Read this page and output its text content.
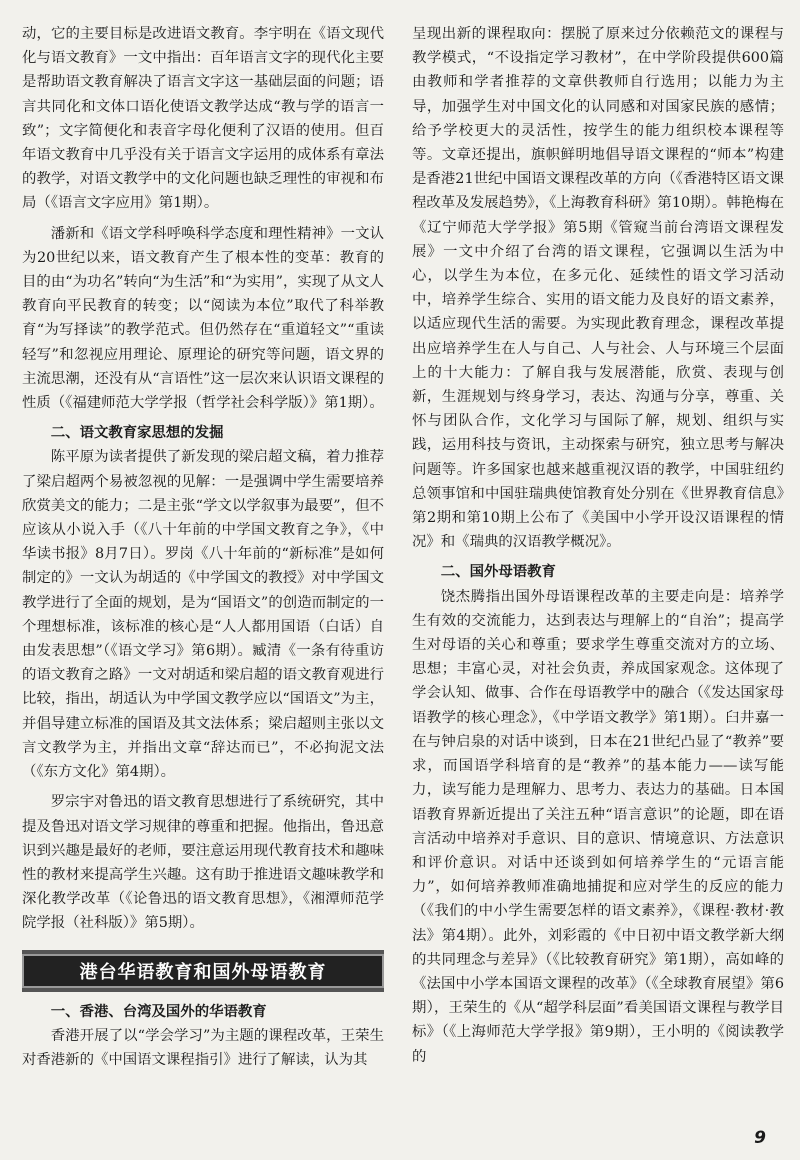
动，它的主要目标是改进语文教育。李宇明在《语文现代化与语文教育》一文中指出：百年语言文字的现代化主要是帮助语文教育解决了语言文字这一基础层面的问题；语言共同化和文体口语化使语文教学达成“教与学的语言一致”；文字简便化和表音字母化便利了汉语的使用。但百年语文教育中几乎没有关于语言文字运用的成体系有章法的教学，对语文教学中的文化问题也缺乏理性的审视和布局（《语言文字应用》第1期）。

潘新和《语文学科呼唤科学态度和理性精神》一文认为20世纪以来，语文教育产生了根本性的变革：教育的目的由“为功名”转向“为生活”和“为实用”，实现了从文人教育向平民教育的转变；以“阅读为本位”取代了科举教育“为写择读”的教学范式。但仍然存在“重道轻文”“重读轻写”和忽视应用理论、原理论的研究等问题，语文界的主流思潮，还没有从“言语性”这一层次来认识语文课程的性质（《福建师范大学学报（哲学社会科学版）》第1期）。

二、语文教育家思想的发掘

陈平原为读者提供了新发现的梁启超文稿，着力推荐了梁启超两个易被忽视的见解：一是强调中学生需要培养欣赏美文的能力；二是主张“学文以学叙事为最要”，但不应该从小说入手（《八十年前的中学国文教育之争》，《中华读书报》8月7日）。罗岗《八十年前的“新标准”是如何制定的》一文认为胡适的《中学国文的教授》对中学国文教学进行了全面的规划，是为“国语文”的创造而制定的一个理想标准，该标准的核心是“人人都用国语（白话）自由发表思想”（《语文学习》第6期）。臧清《一条有待重访的语文教育之路》一文对胡适和梁启超的语文教育观进行比较，指出，胡适认为中学国文教学应以“国语文”为主，并倡导建立标准的国语及其文法体系；梁启超则主张以文言文教学为主，并指出文章“辞达而已”，不必拘泥文法（《东方文化》第4期）。

罗宗宇对鲁迅的语文教育思想进行了系统研究，其中提及鲁迅对语文学习规律的尊重和把握。他指出，鲁迅意识到兴趣是最好的老师，要注意运用现代教育技术和趣味性的教材来提高学生兴趣。这有助于推进语文趣味教学和深化教学改革（《论鲁迅的语文教育思想》，《湘潭师范学院学报（社科版）》第5期）。

港台华语教育和国外母语教育

一、香港、台湾及国外的华语教育

香港开展了以“学会学习”为主题的课程改革，王荣生对香港新的《中国语文课程指引》进行了解读，认为其

呈现出新的课程取向：摆脱了原来过分依赖范文的课程与教学模式，“不设指定学习教材”，在中学阶段提供600篇由教师和学者推荐的文章供教师自行选用；以能力为主导，加强学生对中国文化的认同感和对国家民族的感情；给予学校更大的灵活性，按学生的能力组织校本课程等等。文章还提出，旗帜鲜明地倡导语文课程的“师本”构建是香港21世纪中国语文课程改革的方向（《香港特区语文课程改革及发展趋势》，《上海教育科研》第10期）。韩艳梅在《辽宁师范大学学报》第5期《管窥当前台湾语文课程发展》一文中介绍了台湾的语文课程，它强调以生活为中心，以学生为本位，在多元化、延续性的语文学习活动中，培养学生综合、实用的语文能力及良好的语文素养，以适应现代生活的需要。为实现此教育理念，课程改革提出应培养学生在人与自己、人与社会、人与环境三个层面上的十大能力：了解自我与发展潜能，欣赏、表现与创新，生涯规划与终身学习，表达、沟通与分享，尊重、关怀与团队合作，文化学习与国际了解，规划、组织与实践，运用科技与资讯，主动探索与研究，独立思考与解决问题等。许多国家也越来越重视汉语的教学，中国驻纽约总领事馆和中国驻瑞典使馆教育处分别在《世界教育信息》第2期和第10期上公布了《美国中小学开设汉语课程的情况》和《瑞典的汉语教学概况》。

二、国外母语教育

饶杰腾指出国外母语课程改革的主要走向是：培养学生有效的交流能力，达到表达与理解上的“自治”；提高学生对母语的关心和尊重；要求学生尊重交流对方的立场、思想；丰富心灵，对社会负责，养成国家观念。这体现了学会认知、做事、合作在母语教学中的融合（《发达国家母语教学的核心理念》，《中学语文教学》第1期）。臼井嘉一在与钟启泉的对话中谈到，日本在21世纪凸显了“教养”要求，而国语学科培育的是“教养”的基本能力——读写能力，读写能力是理解力、思考力、表达力的基础。日本国语教育界新近提出了关注五种“语言意识”的论题，即在语言活动中培养对手意识、目的意识、情境意识、方法意识和评价意识。对话中还谈到如何培养学生的“元语言能力”，如何培养教师准确地捕捉和应对学生的反应的能力（《我们的中小学生需要怎样的语文素养》，《课程·教材·教法》第4期）。此外，刘彩霞的《中日初中语文教学新大纲的共同理念与差异》（《比较教育研究》第1期），高如峰的《法国中小学本国语文课程的改革》（《全球教育展望》第6期），王荣生的《从“超学科层面”看美国语文课程与教学目标》（《上海师范大学学报》第9期），王小明的《阅读教学的

9
